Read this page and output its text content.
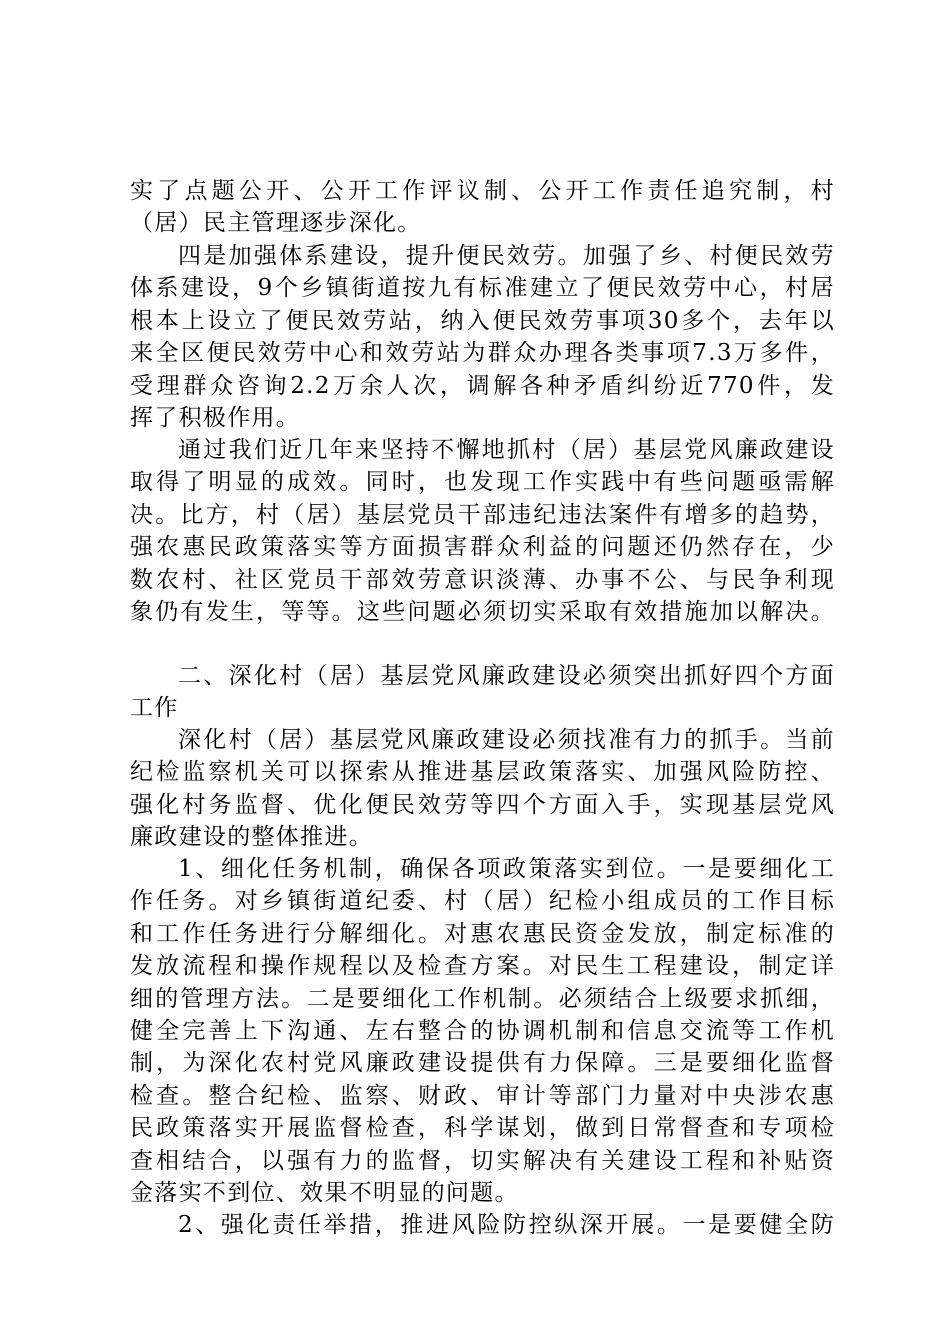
实了点题公开、公开工作评议制、公开工作责任追究制，村
（居）民主管理逐步深化。
四是加强体系建设，提升便民效劳。加强了乡、村便民效劳
体系建设，9个乡镇街道按九有标准建立了便民效劳中心，村居
根本上设立了便民效劳站，纳入便民效劳事项30多个，去年以
来全区便民效劳中心和效劳站为群众办理各类事项7.3万多件，
受理群众咨询2.2万余人次，调解各种矛盾纠纷近770件，发
挥了积极作用。
通过我们近几年来坚持不懈地抓村（居）基层党风廉政建设
取得了明显的成效。同时，也发现工作实践中有些问题亟需解
决。比方，村（居）基层党员干部违纪违法案件有增多的趋势，
强农惠民政策落实等方面损害群众利益的问题还仍然存在，少
数农村、社区党员干部效劳意识淡薄、办事不公、与民争利现
象仍有发生，等等。这些问题必须切实采取有效措施加以解决。
二、深化村（居）基层党风廉政建设必须突出抓好四个方面
工作
深化村（居）基层党风廉政建设必须找准有力的抓手。当前
纪检监察机关可以探索从推进基层政策落实、加强风险防控、
强化村务监督、优化便民效劳等四个方面入手，实现基层党风
廉政建设的整体推进。
1、细化任务机制，确保各项政策落实到位。一是要细化工
作任务。对乡镇街道纪委、村（居）纪检小组成员的工作目标
和工作任务进行分解细化。对惠农惠民资金发放，制定标准的
发放流程和操作规程以及检查方案。对民生工程建设，制定详
细的管理方法。二是要细化工作机制。必须结合上级要求抓细，
健全完善上下沟通、左右整合的协调机制和信息交流等工作机
制，为深化农村党风廉政建设提供有力保障。三是要细化监督
检查。整合纪检、监察、财政、审计等部门力量对中央涉农惠
民政策落实开展监督检查，科学谋划，做到日常督查和专项检
查相结合，以强有力的监督，切实解决有关建设工程和补贴资
金落实不到位、效果不明显的问题。
2、强化责任举措，推进风险防控纵深开展。一是要健全防
